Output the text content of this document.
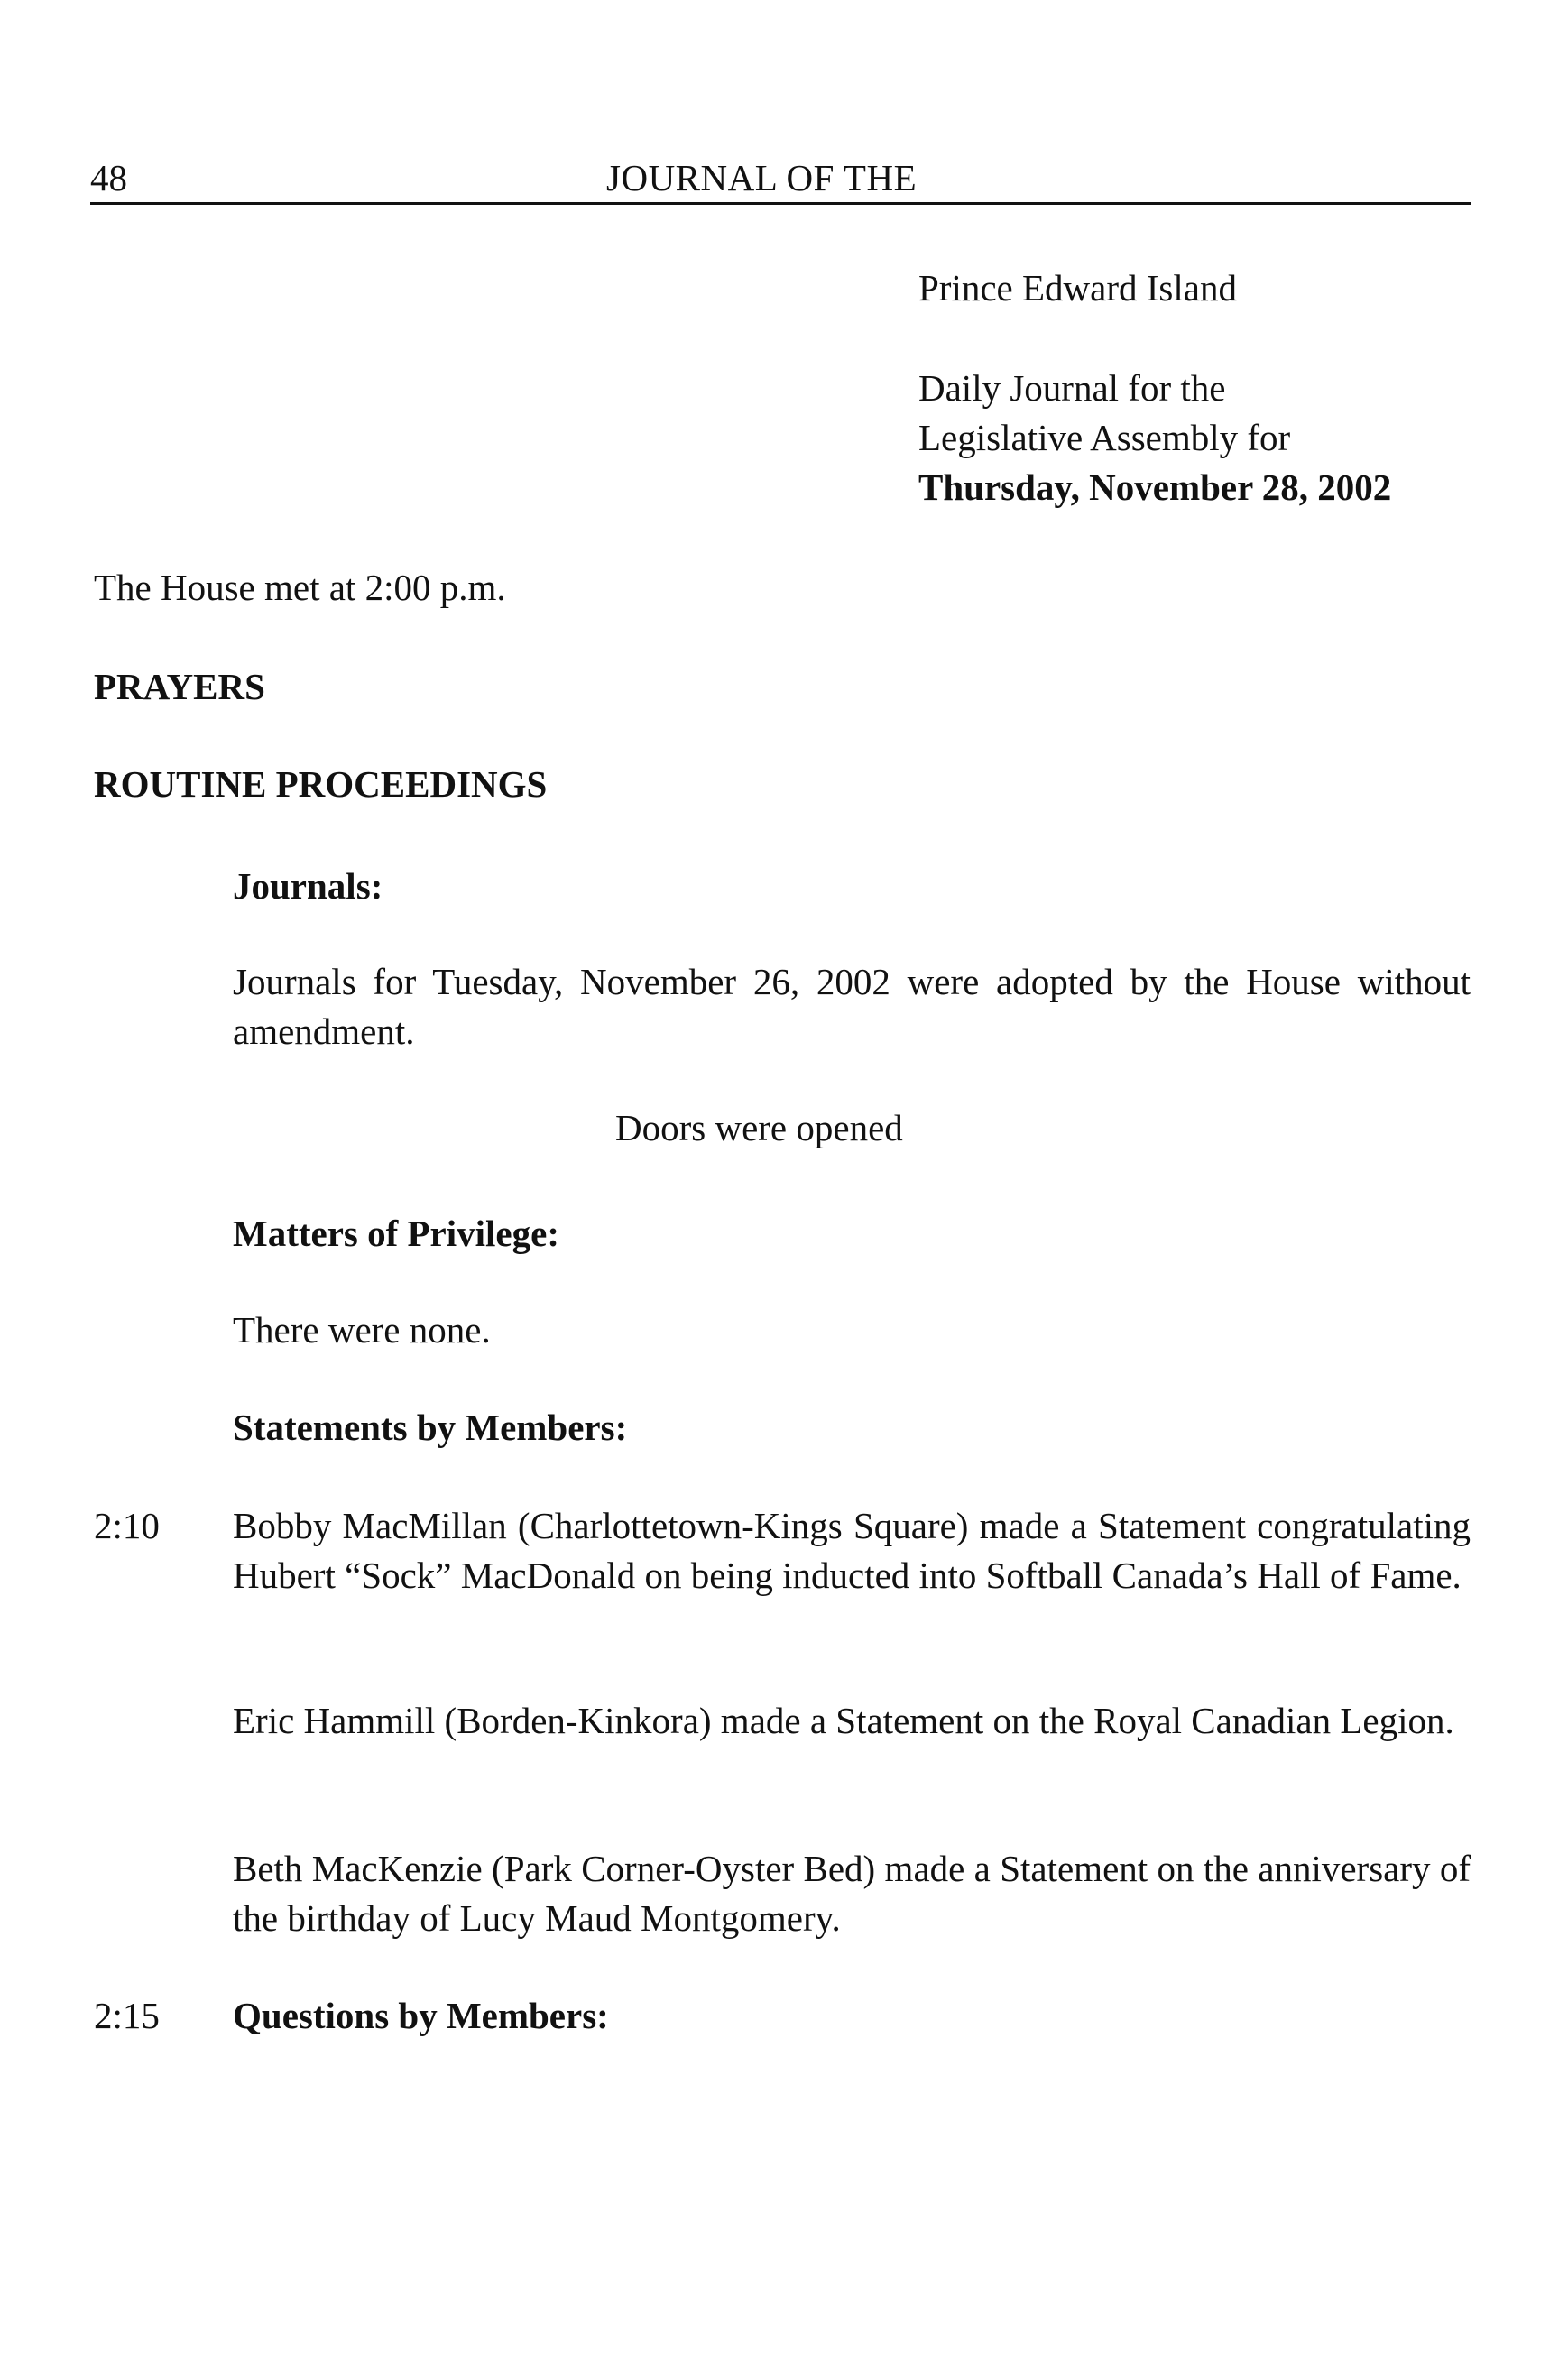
48	JOURNAL OF THE
Prince Edward Island
Daily Journal for the
Legislative Assembly for
Thursday, November 28, 2002
The House met at 2:00 p.m.
PRAYERS
ROUTINE PROCEEDINGS
Journals:

Journals for Tuesday, November 26, 2002 were adopted by the House without amendment.

Doors were opened
Matters of Privilege:
There were none.
Statements by Members:
2:10 Bobby MacMillan (Charlottetown-Kings Square) made a Statement congratulating Hubert “Sock” MacDonald on being inducted into Softball Canada’s Hall of Fame.

Eric Hammill (Borden-Kinkora) made a Statement on the Royal Canadian Legion.

Beth MacKenzie (Park Corner-Oyster Bed) made a Statement on the anniversary of the birthday of Lucy Maud Montgomery.

2:15 Questions by Members:
